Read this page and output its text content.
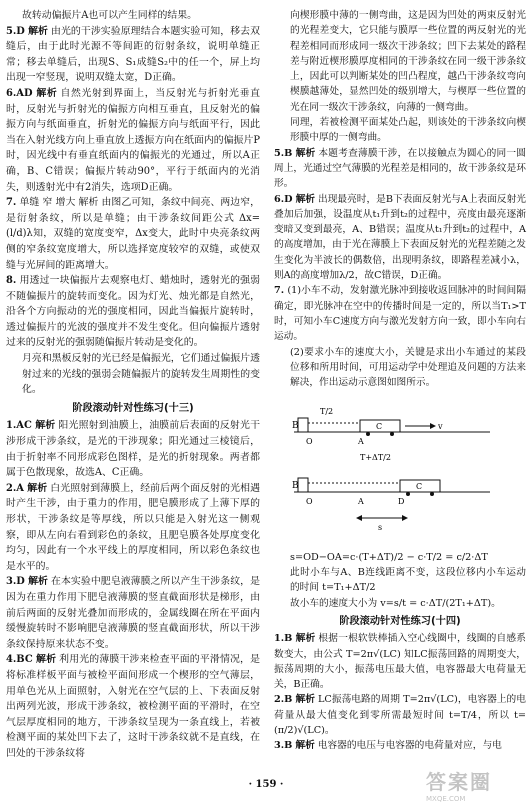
故转动偏振片A也可以产生同样的结果。

5.D 解析 由光的干涉实验原理结合本题实验可知，移去双缝后，由于此时光源不等间距的衍射条纹，说明单缝正常；移去单缝后，出现S、S₁成缝S₂中的任一个，屏上均出现一窄竖现，说明双缝太宽，D正确。

6.AD 解析 自然光射到界面上，当反射光与折射光垂直时，反射光与折射光的偏振方向相互垂直，且反射光的偏振方向与纸面垂直，折射光的偏振方向与纸面平行，因此当在入射光线方向上垂直放上透振方向在纸面内的偏振片P时，因光线中有垂直纸面内的偏振光的光通过，所以A正确，B、C错误；偏振片转动90°，平行于纸面内的光消失，则透射光中有2消失，选项D正确。

7. 单缝 窄 增大 解析 由图乙可知，条纹中间亮、两边窄，是衍射条纹，所以是单缝；由干涉条纹间距公式 Δx=(l/d)λ知，双缝的宽度变窄，Δx变大，此时中央亮条纹两侧的窄条纹宽度增大，所以选择宽度较窄的双缝，或使双缝与光屏间的距离增大。

8. 用透过一块偏振片去观察电灯、蜡烛时，透射光的强弱不随偏振片的旋转而变化。因为灯光、烛光都是自然光，沿各个方向振动的光的强度相同，因此当偏振片旋转时，透过偏振片的光波的强度并不发生变化。但向偏振片透射过来的反射光的强弱随偏振片转动是变化的。

月亮和黑板反射的光已经是偏振光，它们通过偏振片透射过来的光线的强弱会随偏振片的旋转发生周期性的变化。

阶段滚动针对性练习(十三)

1.AC 解析 阳光照射到油膜上，油膜前后表面的反射光干涉形成干涉条纹，是光的干涉现象；阳光通过三棱镜后，由于折射率不同形成彩色图样，是光的折射现象。两者都属于色散现象，故选A、C正确。

2.A 解析 白光照射到薄膜上，经前后两个面反射的光相遇时产生干涉，由于重力的作用，肥皂膜形成了上薄下厚的形状，干涉条纹是等厚线，所以只能是入射光这一侧观察，即从左向右看到彩色的条纹，且肥皂膜各处厚度变化均匀，因此有一个水平线上的厚度相同，所以彩色条纹也是水平的。

3.D 解析 在本实验中肥皂液薄膜之所以产生干涉条纹，是因为在重力作用下肥皂液薄膜的竖直截面形状是梯形，由前后两面的反射光叠加而形成的，金属线圈在所在平面内缓慢旋转时不影响肥皂液薄膜的竖直截面形状，所以干涉条纹保持原来状态不变。

4.BC 解析 利用光的薄膜干涉来检查平面的平滑情况，是将标准样板平面与被检平面间形成一个楔形的空气薄层，用单色光从上面照射，入射光在空气层的上、下表面反射出两列光波，形成干涉条纹，被检测平面的平滑时，在空气层厚度相同的地方，干涉条纹呈现为一条直线上，若被检测平面的某处凹下去了，这时干涉条纹就不是直线，在凹处的干涉条纹将

向楔形膜中薄的一侧弯曲，这是因为凹处的两束反射光的光程差变大，它只能与膜厚一些位置的两反射光的光程差相同而形成同一级次干涉条纹；凹下去某处的路程差与附近楔形膜厚度相同的干涉条纹在同一级干涉条纹上，因此可以判断某处的凹凸程度，越凸干涉条纹弯向楔膜越薄处，显然凹处的级别增大，与楔厚一些位置的光在同一级次干涉条纹，向薄的一侧弯曲。

同理，若被检测平面某处凸起，则该处的干涉条纹向楔形膜中厚的一侧弯曲。

5.B 解析 本题考查薄膜干涉，在以接触点为圆心的同一圆周上，光通过空气薄膜的光程差是相同的，故干涉条纹是环形。

6.D 解析 出现最亮时，是B下表面反射光与A上表面反射光叠加后加强，设温度从t₁升到t₂的过程中，亮度由最亮逐渐变暗又变到最亮，A、B错误；温度从t₁升到t₂的过程中，A的高度增加，由于光在薄膜上下表面反射光的光程差随之发生变化为半波长的偶数倍，出现明条纹，即路程差减小λ，则A的高度增加λ/2，故C错误，D正确。

7. (1)小车不动，发射激光脉冲到接收返回脉冲的时间间隔确定，即光脉冲在空中的传播时间是一定的，所以当T₁>T时，可知小车C速度方向与激光发射方向一致，即小车向右运动。

(2)要求小车的速度大小，关键是求出小车通过的某段位移和所用时间，可用运动学中处理追及问题的方法来解决，作出运动示意图如图所示。

B	C	v
T/2
O	A
T+ΔT/2
B	C
O	A	D
s

s=OD−OA=c·(T+ΔT)/2 − c·T/2 = c/2·ΔT

此时小车与A、B连线距离不变，这段位移内小车运动的时间 t=T₁+ΔT/2

故小车的速度大小为 v=s/t = c·ΔT/(2T₁+ΔT)。

阶段滚动针对性练习(十四)

1.B 解析 根据一根软铁棒插入空心线圈中，线圈的自感系数变大，由公式 T=2π√(LC) 知LC振荡回路的周期变大，振荡周期的大小，振荡电压最大值，电容器最大电荷量无关，B正确。

2.B 解析 LC振荡电路的周期 T=2π√(LC)，电容器上的电荷量从最大值变化到零所需最短时间 t=T/4，所以 t=(π/2)√(LC)。

3.B 解析 电容器的电压与电容器的电荷量对应，与电

· 159 ·	答案圈
MXQE.COM
